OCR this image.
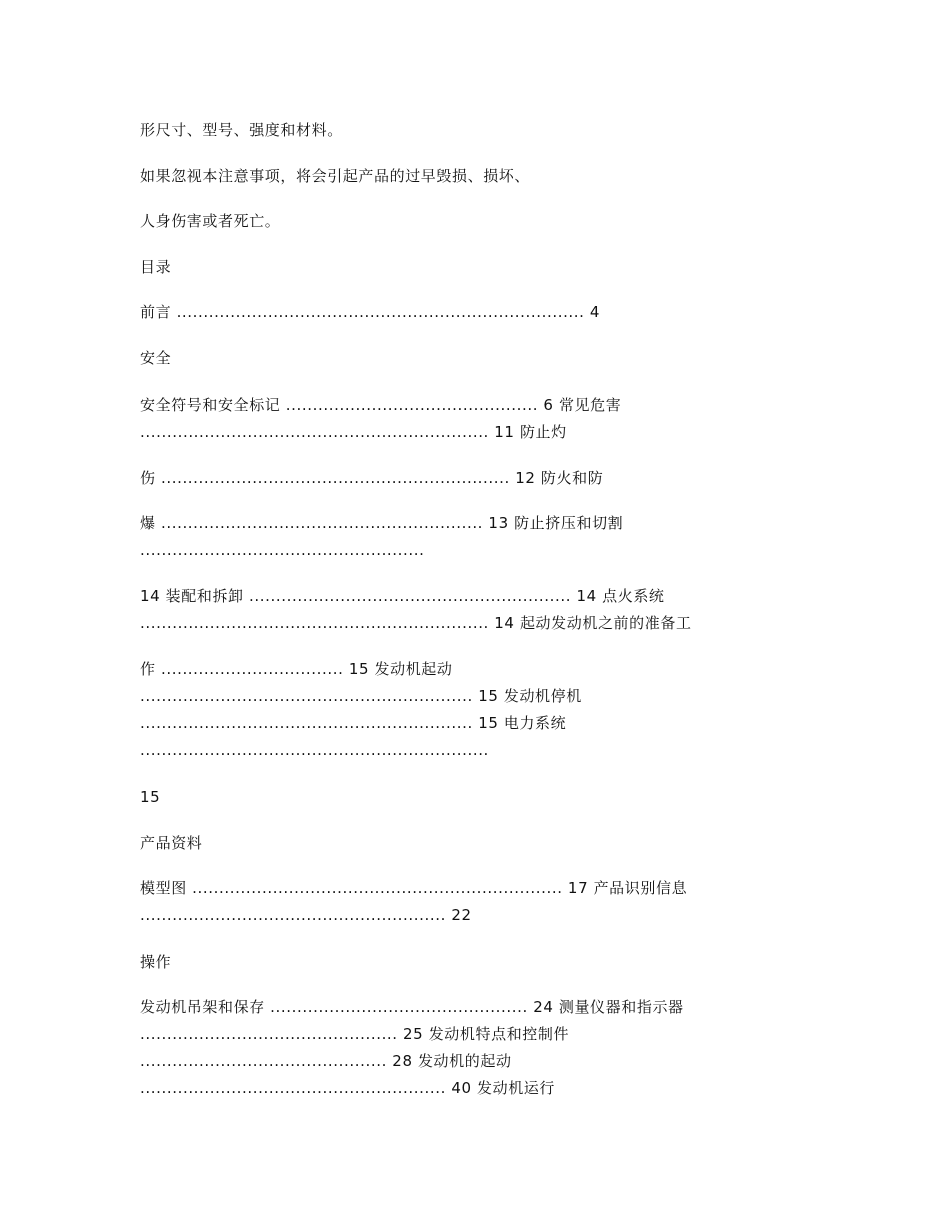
形尺寸、型号、强度和材料。
如果忽视本注意事项，将会引起产品的过早毁损、损坏、
人身伤害或者死亡。
目录
前言 ............................................................................ 4
安全
安全符号和安全标记 ............................................... 6 常见危害
................................................................. 11 防止灼
伤 ................................................................. 12 防火和防
爆 ............................................................ 13 防止挤压和切割
.....................................................
14 装配和拆卸 ............................................................ 14 点火系统
................................................................. 14 起动发动机之前的准备工
作 .................................. 15 发动机起动
.............................................................. 15 发动机停机
.............................................................. 15 电力系统
.................................................................
15
产品资料
模型图 ..................................................................... 17 产品识别信息
......................................................... 22
操作
发动机吊架和保存 ................................................ 24 测量仪器和指示器
................................................ 25 发动机特点和控制件
.............................................. 28 发动机的起动
......................................................... 40 发动机运行
